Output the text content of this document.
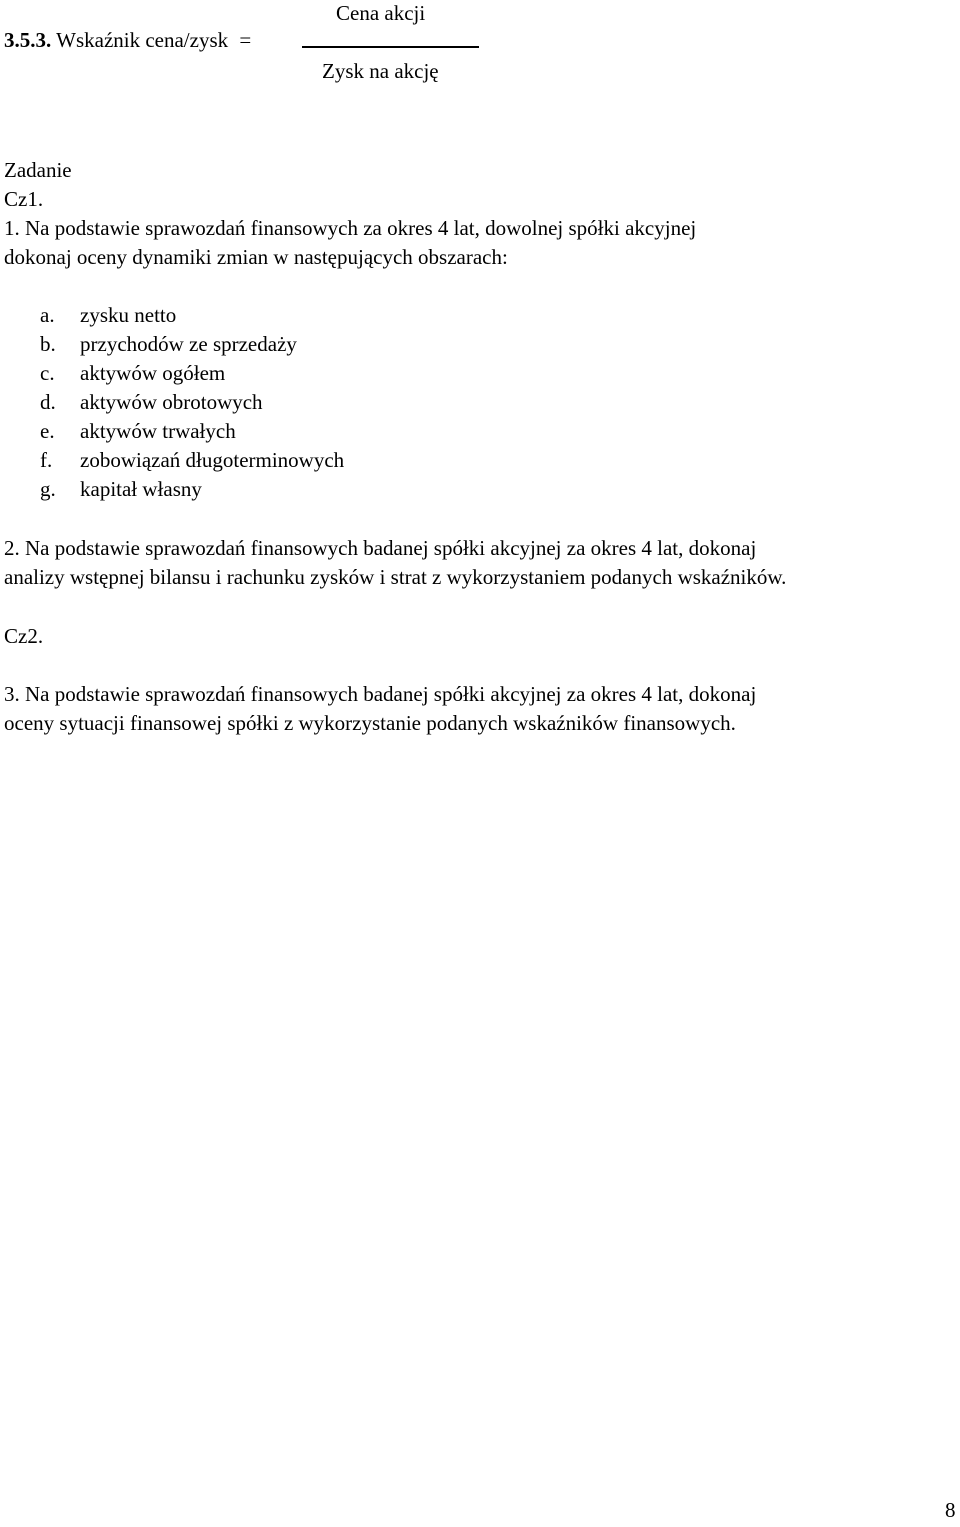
Cena akcji
3.5.3. Wskaźnik cena/zysk =
Zysk na akcję
Zadanie
Cz1.
1. Na podstawie sprawozdań finansowych za okres 4 lat, dowolnej spółki akcyjnej
dokonaj oceny dynamiki zmian w następujących obszarach:
a. zysku netto
b. przychodów ze sprzedaży
c. aktywów ogółem
d. aktywów obrotowych
e. aktywów trwałych
f. zobowiązań długoterminowych
g. kapitał własny
2. Na podstawie sprawozdań finansowych badanej spółki akcyjnej za okres 4 lat, dokonaj
analizy wstępnej bilansu i rachunku zysków i strat z wykorzystaniem podanych wskaźników.
Cz2.
3. Na podstawie sprawozdań finansowych badanej spółki akcyjnej za okres 4 lat, dokonaj
oceny sytuacji finansowej spółki z wykorzystanie podanych wskaźników finansowych.
8
